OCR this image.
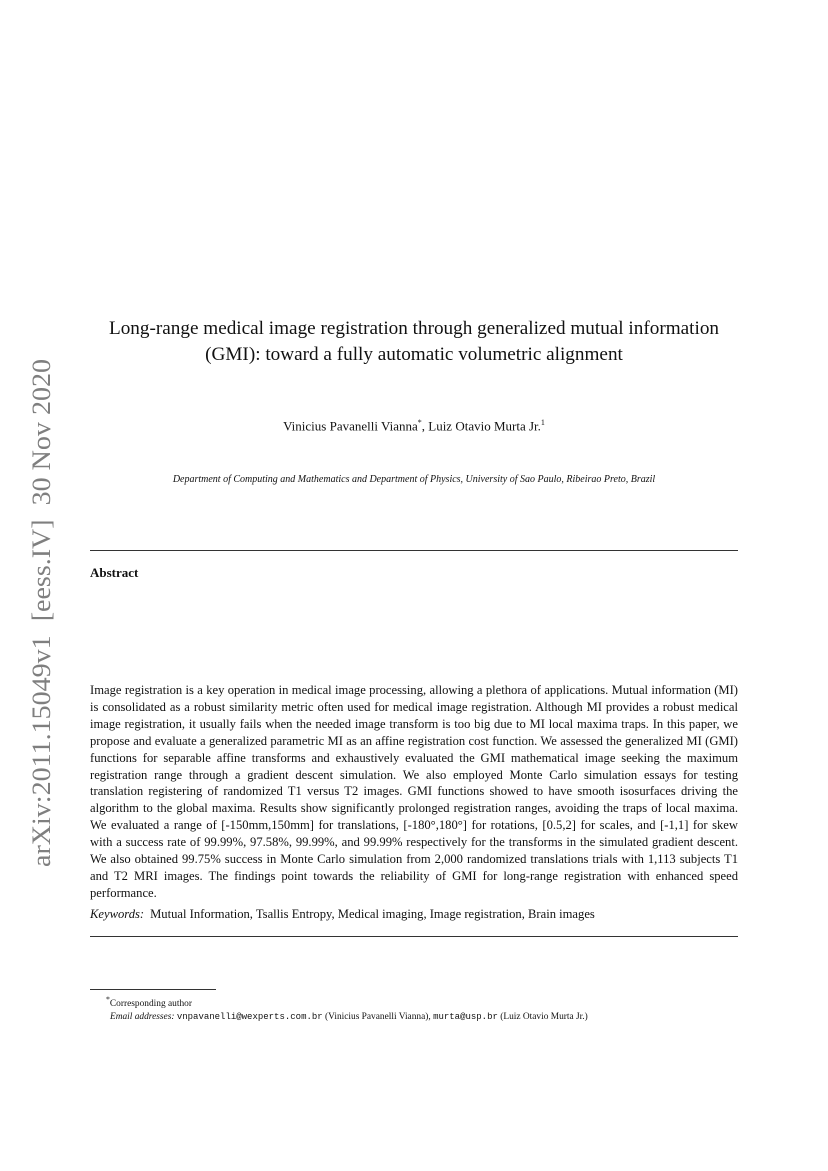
arXiv:2011.15049v1  [eess.IV]  30 Nov 2020
Long-range medical image registration through generalized mutual information
(GMI): toward a fully automatic volumetric alignment
Vinicius Pavanelli Vianna*, Luiz Otavio Murta Jr.$^1$
Department of Computing and Mathematics and Department of Physics, University of Sao Paulo, Ribeirao Preto, Brazil
Abstract

Image registration is a key operation in medical image processing, allowing a plethora of applications. Mutual information (MI) is consolidated as a robust similarity metric often used for medical image registration. Although MI provides a robust medical image registration, it usually fails when the needed image transform is too big due to MI local maxima traps. In this paper, we propose and evaluate a generalized parametric MI as an affine registration cost function. We assessed the generalized MI (GMI) functions for separable affine transforms and exhaustively evaluated the GMI mathematical image seeking the maximum registration range through a gradient descent simulation. We also employed Monte Carlo simulation essays for testing translation registering of randomized T1 versus T2 images. GMI functions showed to have smooth isosurfaces driving the algorithm to the global maxima. Results show significantly prolonged registration ranges, avoiding the traps of local maxima. We evaluated a range of [-150mm,150mm] for translations, [-180°,180°] for rotations, [0.5,2] for scales, and [-1,1] for skew with a success rate of 99.99%, 97.58%, 99.99%, and 99.99% respectively for the transforms in the simulated gradient descent. We also obtained 99.75% success in Monte Carlo simulation from 2,000 randomized translations trials with 1,113 subjects T1 and T2 MRI images. The findings point towards the reliability of GMI for long-range registration with enhanced speed performance.

Keywords: Mutual Information, Tsallis Entropy, Medical imaging, Image registration, Brain images
*Corresponding author
Email addresses: vnpavanelli@wexperts.com.br (Vinicius Pavanelli Vianna), murta@usp.br (Luiz Otavio Murta Jr.)
